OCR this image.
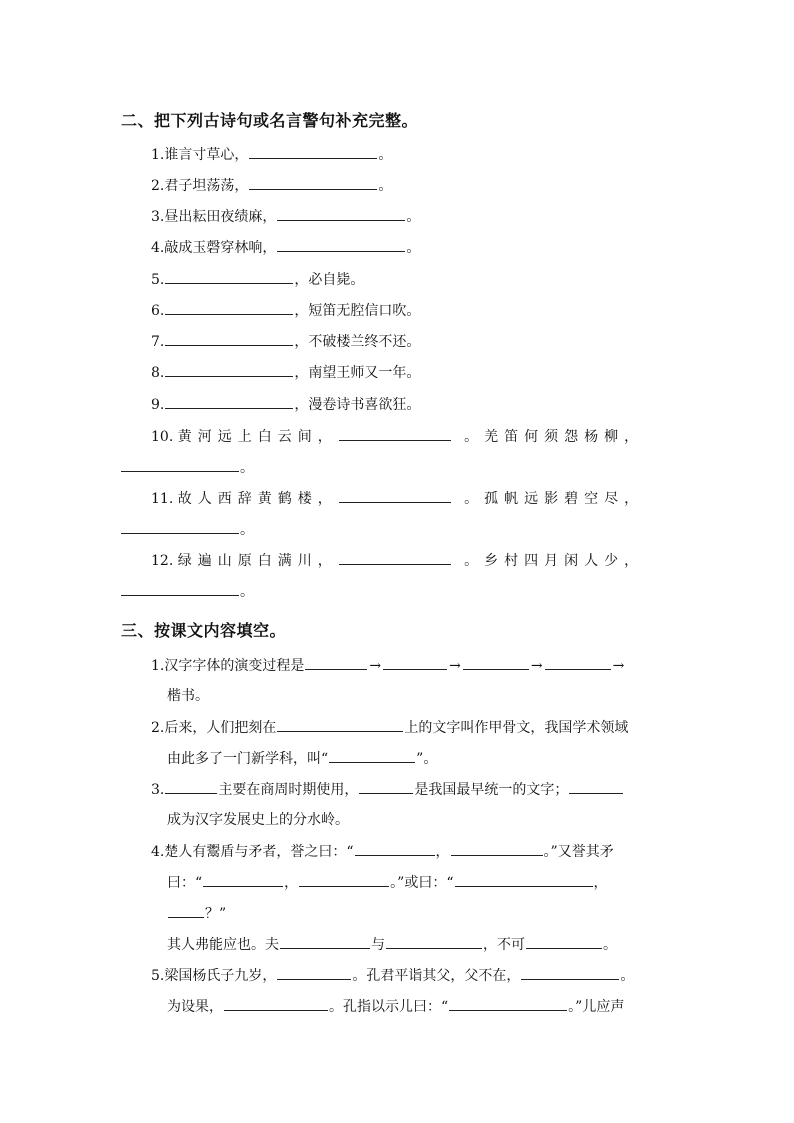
二、把下列古诗句或名言警句补充完整。
1.谁言寸草心，	。
2.君子坦荡荡，	。
3.昼出耘田夜绩麻，	。
4.敲成玉磬穿林响，	。
5.	，必自毙。
6.	，短笛无腔信口吹。
7.	，不破楼兰终不还。
8.	，南望王师又一年。
9.	，漫卷诗书喜欲狂。
10. 黄河远上白云间，	。羌笛何须怨杨柳，
。
11. 故人西辞黄鹤楼，	。孤帆远影碧空尽，
。
12. 绿遍山原白满川，	。乡村四月闲人少，
。
三、按课文内容填空。
1.汉字字体的演变过程是	→	→	→	→
楷书。
2.后来，人们把刻在	上的文字叫作甲骨文，我国学术领域
由此多了一门新学科，叫“	”。
3.	主要在商周时期使用，	是我国最早统一的文字；
成为汉字发展史上的分水岭。
4.楚人有鬻盾与矛者，誉之曰：“	，	。”又誉其矛
曰：“	，	。”或曰：“	，
？”
其人弗能应也。夫	与	，不可	。
5.梁国杨氏子九岁，	。孔君平诣其父，父不在，	。
为设果，	。孔指以示儿曰：“	。”儿应声
